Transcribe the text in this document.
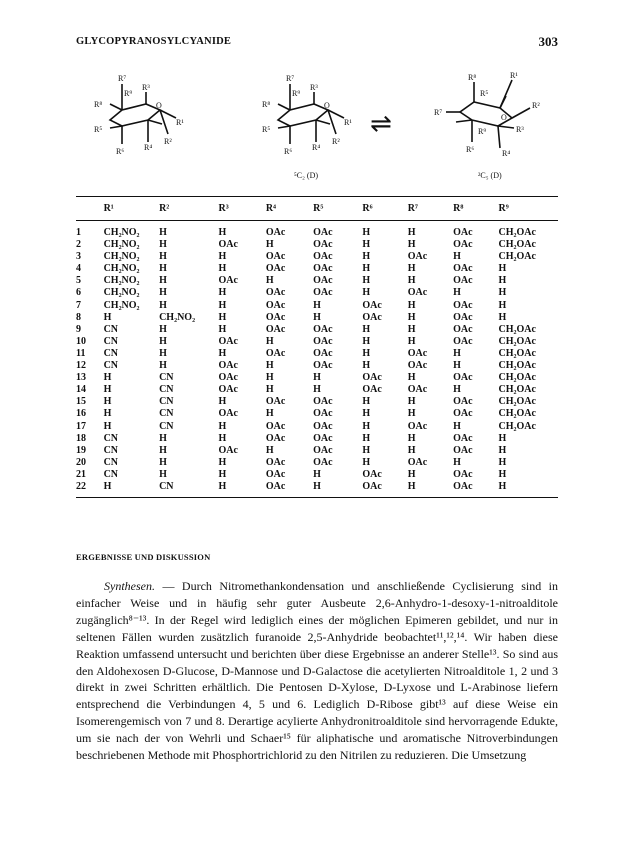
GLYCOPYRANOSYLCYANIDE	303
R⁷
R⁹
R³
R⁸
R⁵
R¹
R⁶ R⁴
R²
O
R⁷
R⁹
R³
R⁸
R⁵
R¹
R⁶ R⁴
R²
O
⁵C₂ (D)
⇌
R⁸	R¹
R⁵
R²
R⁷
R⁹	R³
R⁶	R⁴
O
²C₅ (D)
	R¹	R²	R³	R⁴	R⁵	R⁶	R⁷	R⁸	R⁹
1	CH₂NO₂	H	H	OAc	OAc	H	H	OAc	CH₂OAc
2	CH₂NO₂	H	OAc	H	OAc	H	H	OAc	CH₂OAc
3	CH₂NO₂	H	H	OAc	OAc	H	OAc	H	CH₂OAc
4	CH₂NO₂	H	H	OAc	OAc	H	H	OAc	H
5	CH₂NO₂	H	OAc	H	OAc	H	H	OAc	H
6	CH₂NO₂	H	H	OAc	OAc	H	OAc	H	H
7	CH₂NO₂	H	H	OAc	H	OAc	H	OAc	H
8	H	CH₂NO₂	H	OAc	H	OAc	H	OAc	H
9	CN	H	H	OAc	OAc	H	H	OAc	CH₂OAc
10	CN	H	OAc	H	OAc	H	H	OAc	CH₂OAc
11	CN	H	H	OAc	OAc	H	OAc	H	CH₂OAc
12	CN	H	OAc	H	OAc	H	OAc	H	CH₂OAc
13	H	CN	OAc	H	H	OAc	H	OAc	CH₂OAc
14	H	CN	OAc	H	H	OAc	OAc	H	CH₂OAc
15	H	CN	H	OAc	OAc	H	H	OAc	CH₂OAc
16	H	CN	OAc	H	OAc	H	H	OAc	CH₂OAc
17	H	CN	H	OAc	OAc	H	OAc	H	CH₂OAc
18	CN	H	H	OAc	OAc	H	H	OAc	H
19	CN	H	OAc	H	OAc	H	H	OAc	H
20	CN	H	H	OAc	OAc	H	OAc	H	H
21	CN	H	H	OAc	H	OAc	H	OAc	H
22	H	CN	H	OAc	H	OAc	H	OAc	H
ERGEBNISSE UND DISKUSSION

Synthesen. — Durch Nitromethankondensation und anschließende Cyclisierung sind in einfacher Weise und in häufig sehr guter Ausbeute 2,6-Anhydro-1-desoxy-1-nitroalditole zugänglich⁸⁻¹³. In der Regel wird lediglich eines der möglichen Epimeren gebildet, und nur in seltenen Fällen wurden zusätzlich furanoide 2,5-Anhydride beobachtet¹¹,¹²,¹⁴. Wir haben diese Reaktion umfassend untersucht und berichten über diese Ergebnisse an anderer Stelle¹³. So sind aus den Aldohexosen D-Glucose, D-Mannose und D-Galactose die acetylierten Nitroalditole 1, 2 und 3 direkt in zwei Schritten erhältlich. Die Pentosen D-Xylose, D-Lyxose und L-Arabinose liefern entsprechend die Verbindungen 4, 5 und 6. Lediglich D-Ribose gibt¹³ auf diese Weise ein Isomerengemisch von 7 und 8. Derartige acylierte Anhydronitroalditole sind hervorragende Edukte, um sie nach der von Wehrli und Schaer¹⁵ für aliphatische und aromatische Nitroverbindungen beschriebenen Methode mit Phosphortrichlorid zu den Nitrilen zu reduzieren. Die Umsetzung
